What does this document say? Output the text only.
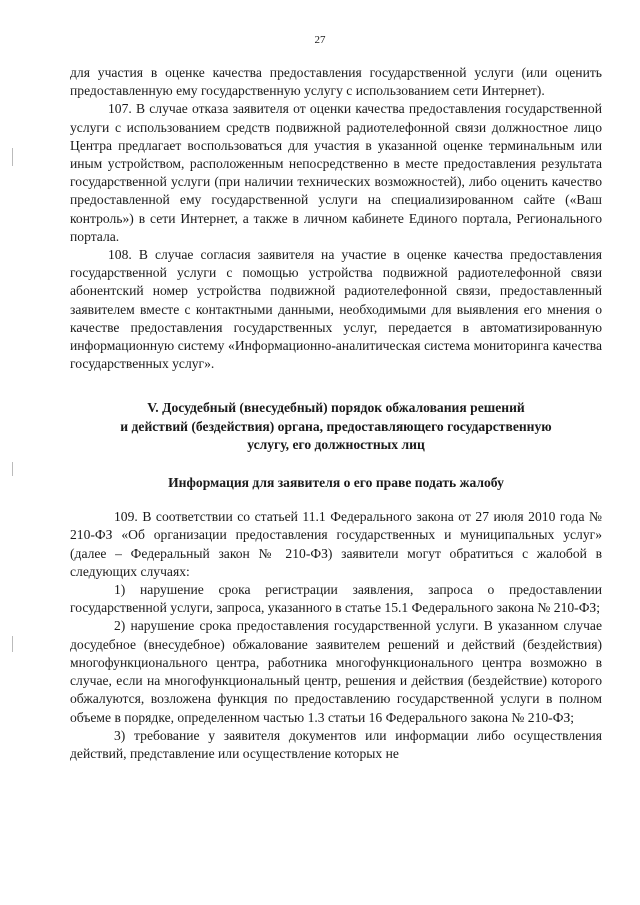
27

для участия в оценке качества предоставления государственной услуги (или оценить предоставленную ему государственную услугу с использованием сети Интернет).

107. В случае отказа заявителя от оценки качества предоставления государственной услуги с использованием средств подвижной радиотелефонной связи должностное лицо Центра предлагает воспользоваться для участия в указанной оценке терминальным или иным устройством, расположенным непосредственно в месте предоставления результата государственной услуги (при наличии технических возможностей), либо оценить качество предоставленной ему государственной услуги на специализированном сайте («Ваш контроль») в сети Интернет, а также в личном кабинете Единого портала, Регионального портала.

108. В случае согласия заявителя на участие в оценке качества предоставления государственной услуги с помощью устройства подвижной радиотелефонной связи абонентский номер устройства подвижной радиотелефонной связи, предоставленный заявителем вместе с контактными данными, необходимыми для выявления его мнения о качестве предоставления государственных услуг, передается в автоматизированную информационную систему «Информационно-аналитическая система мониторинга качества государственных услуг».

V. Досудебный (внесудебный) порядок обжалования решений
и действий (бездействия) органа, предоставляющего государственную
услугу, его должностных лиц
Информация для заявителя о его праве подать жалобу

109. В соответствии со статьей 11.1 Федерального закона от 27 июля 2010 года № 210-ФЗ «Об организации предоставления государственных и муниципальных услуг» (далее – Федеральный закон № 210-ФЗ) заявители могут обратиться с жалобой в следующих случаях:

1) нарушение срока регистрации заявления, запроса о предоставлении государственной услуги, запроса, указанного в статье 15.1 Федерального закона № 210-ФЗ;

2) нарушение срока предоставления государственной услуги. В указанном случае досудебное (внесудебное) обжалование заявителем решений и действий (бездействия) многофункционального центра, работника многофункционального центра возможно в случае, если на многофункциональный центр, решения и действия (бездействие) которого обжалуются, возложена функция по предоставлению государственной услуги в полном объеме в порядке, определенном частью 1.3 статьи 16 Федерального закона № 210-ФЗ;

3) требование у заявителя документов или информации либо осуществления действий, представление или осуществление которых не
